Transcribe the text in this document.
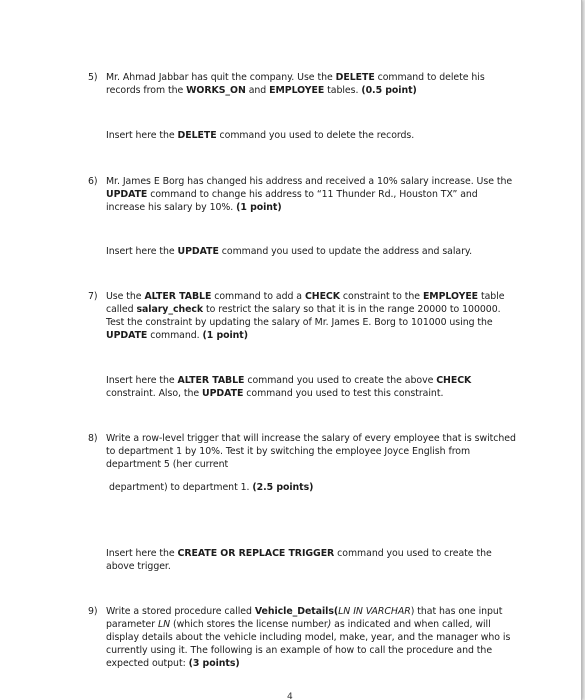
5) Mr. Ahmad Jabbar has quit the company. Use the DELETE command to delete his records from the WORKS_ON and EMPLOYEE tables. (0.5 point)
Insert here the DELETE command you used to delete the records.
6) Mr. James E Borg has changed his address and received a 10% salary increase. Use the UPDATE command to change his address to “11 Thunder Rd., Houston TX” and increase his salary by 10%. (1 point)
Insert here the UPDATE command you used to update the address and salary.
7) Use the ALTER TABLE command to add a CHECK constraint to the EMPLOYEE table called salary_check to restrict the salary so that it is in the range 20000 to 100000. Test the constraint by updating the salary of Mr. James E. Borg to 101000 using the UPDATE command. (1 point)
Insert here the ALTER TABLE command you used to create the above CHECK constraint. Also, the UPDATE command you used to test this constraint.
8) Write a row-level trigger that will increase the salary of every employee that is switched to department 1 by 10%. Test it by switching the employee Joyce English from department 5 (her current
department) to department 1. (2.5 points)
Insert here the CREATE OR REPLACE TRIGGER command you used to create the above trigger.
9) Write a stored procedure called Vehicle_Details(LN IN VARCHAR) that has one input parameter LN (which stores the license number) as indicated and when called, will display details about the vehicle including model, make, year, and the manager who is currently using it. The following is an example of how to call the procedure and the expected output: (3 points)
4
